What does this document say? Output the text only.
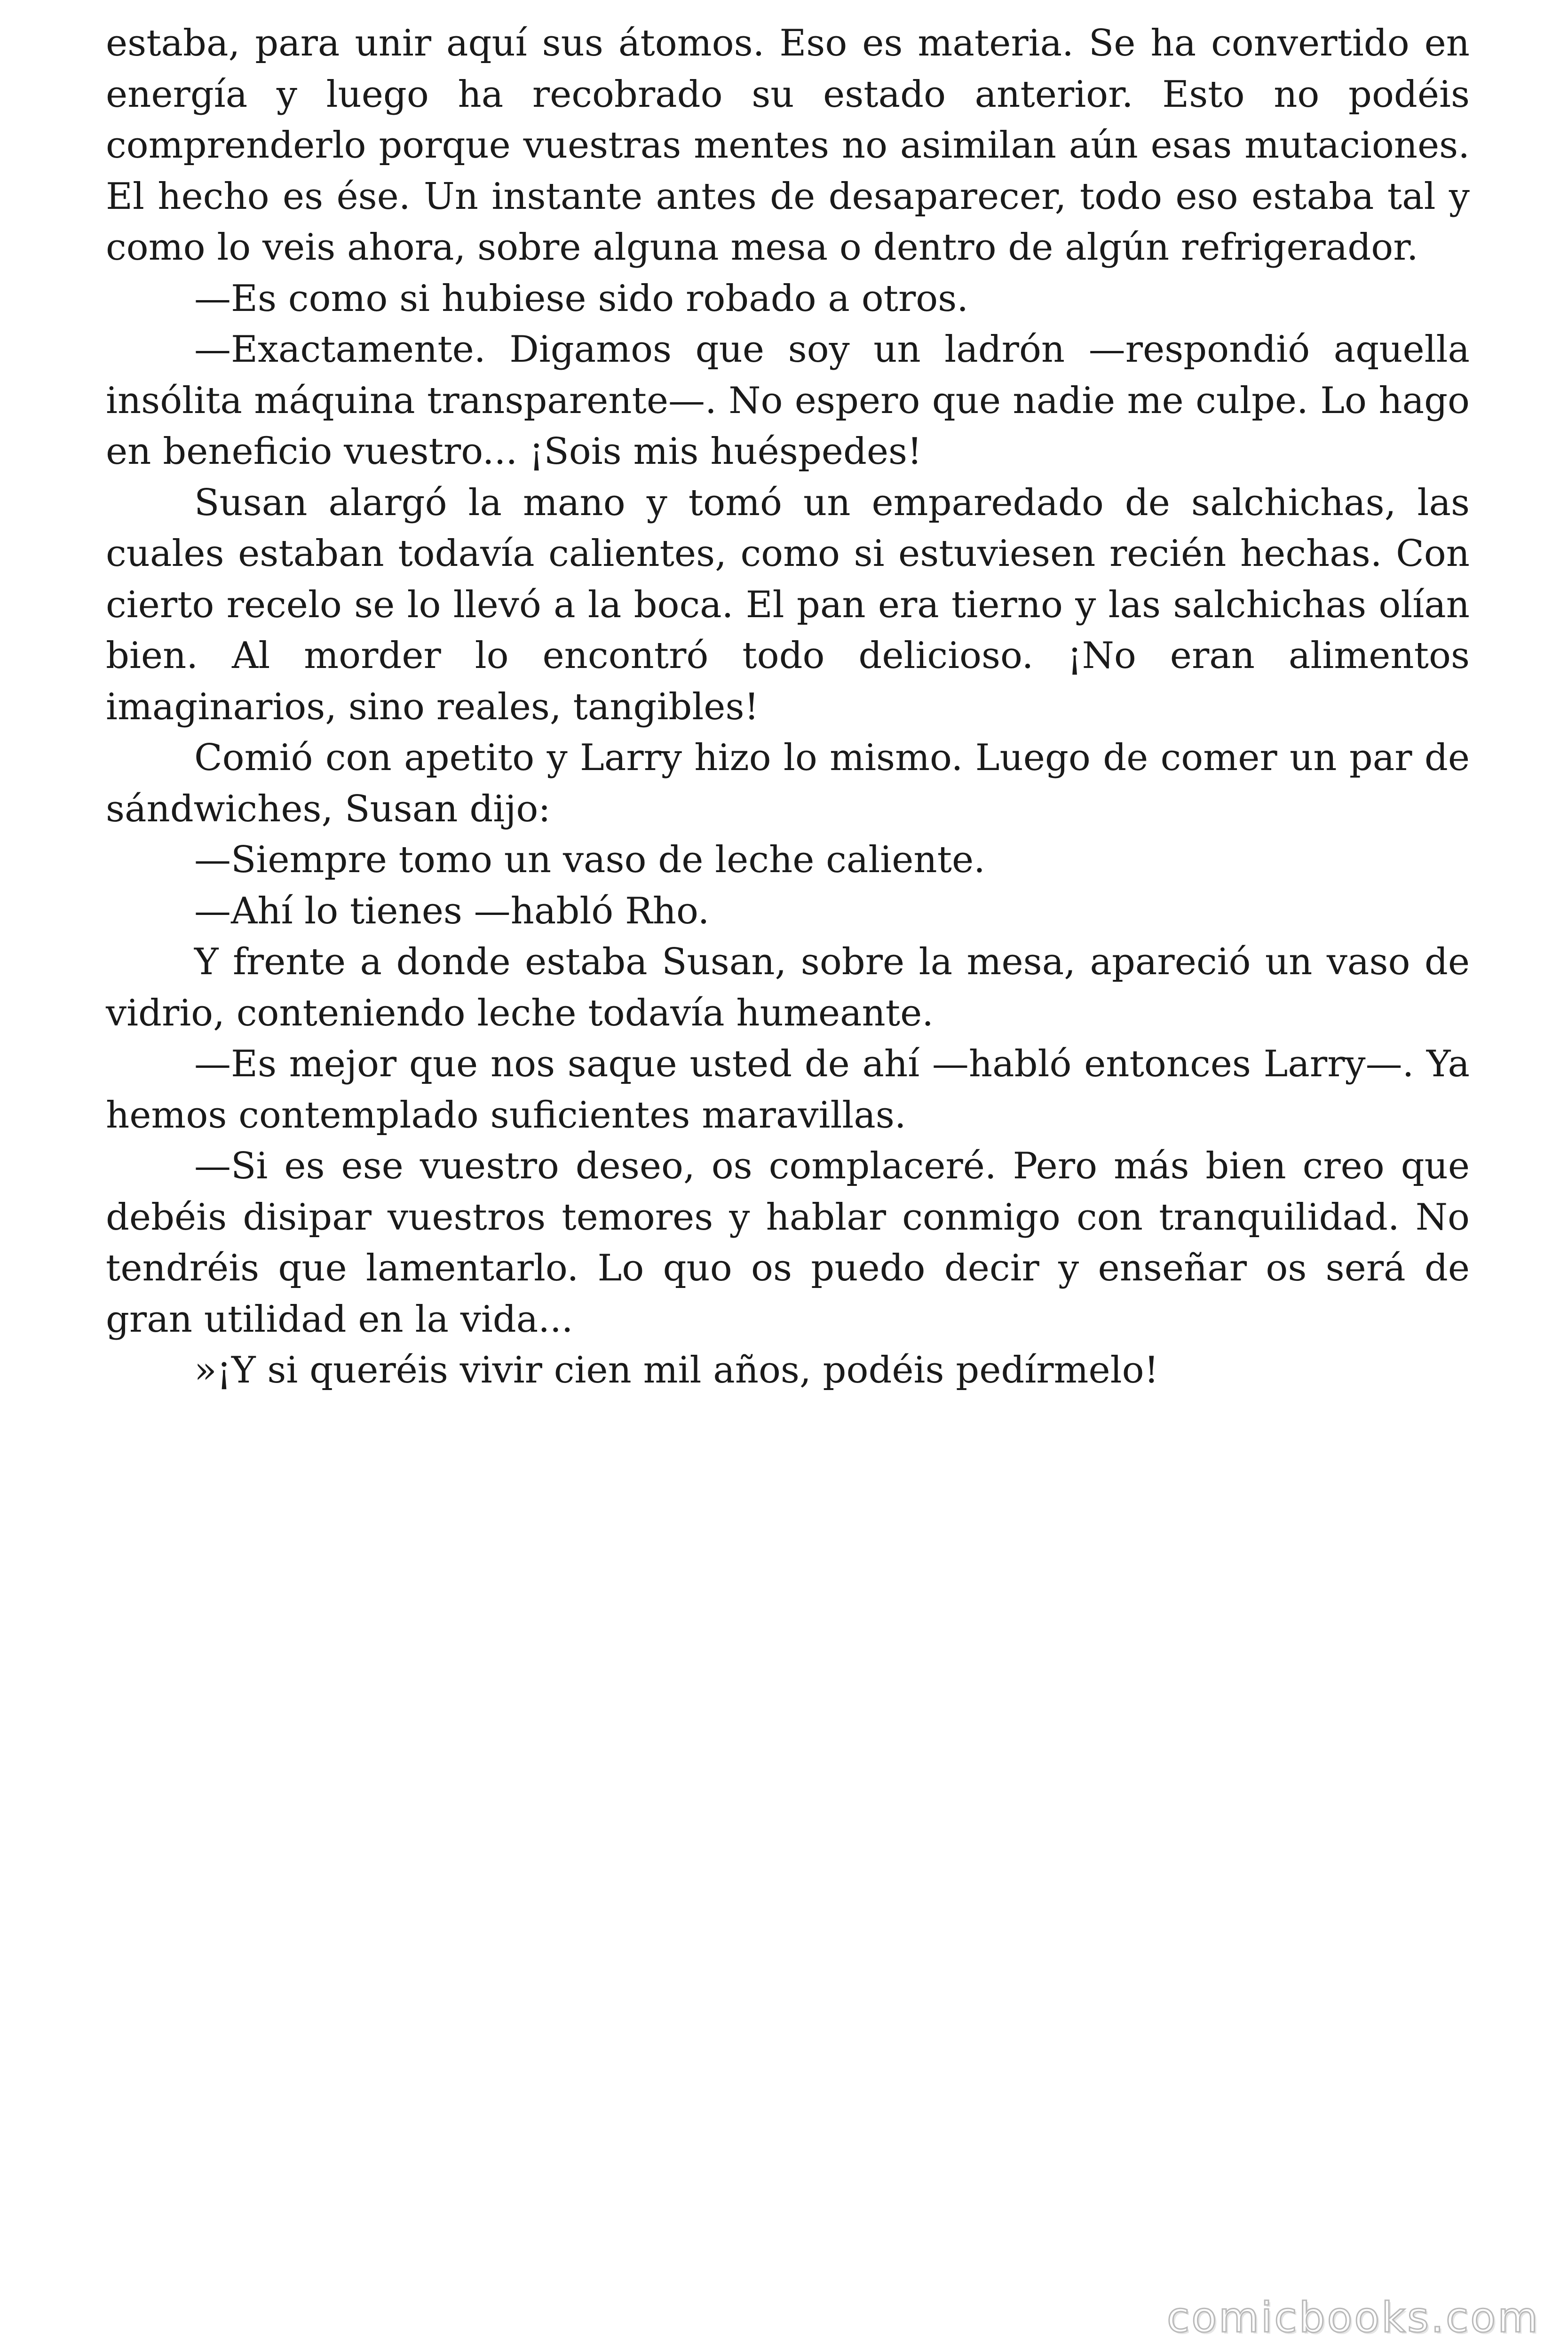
estaba, para unir aquí sus átomos. Eso es materia. Se ha convertido en energía y luego ha recobrado su estado anterior. Esto no podéis comprenderlo porque vuestras mentes no asimilan aún esas mutaciones. El hecho es ése. Un instante antes de desaparecer, todo eso estaba tal y como lo veis ahora, sobre alguna mesa o dentro de algún refrigerador.

—Es como si hubiese sido robado a otros.

—Exactamente. Digamos que soy un ladrón —respondió aquella insólita máquina transparente—. No espero que nadie me culpe. Lo hago en beneficio vuestro... ¡Sois mis huéspedes!

Susan alargó la mano y tomó un emparedado de salchichas, las cuales estaban todavía calientes, como si estuviesen recién hechas. Con cierto recelo se lo llevó a la boca. El pan era tierno y las salchichas olían bien. Al morder lo encontró todo delicioso. ¡No eran alimentos imaginarios, sino reales, tangibles!

Comió con apetito y Larry hizo lo mismo. Luego de comer un par de sándwiches, Susan dijo:

—Siempre tomo un vaso de leche caliente.

—Ahí lo tienes —habló Rho.

Y frente a donde estaba Susan, sobre la mesa, apareció un vaso de vidrio, conteniendo leche todavía humeante.

—Es mejor que nos saque usted de ahí —habló entonces Larry—. Ya hemos contemplado suficientes maravillas.

—Si es ese vuestro deseo, os complaceré. Pero más bien creo que debéis disipar vuestros temores y hablar conmigo con tranquilidad. No tendréis que lamentarlo. Lo quo os puedo decir y enseñar os será de gran utilidad en la vida...

»¡Y si queréis vivir cien mil años, podéis pedírmelo!

comicbooks.com
